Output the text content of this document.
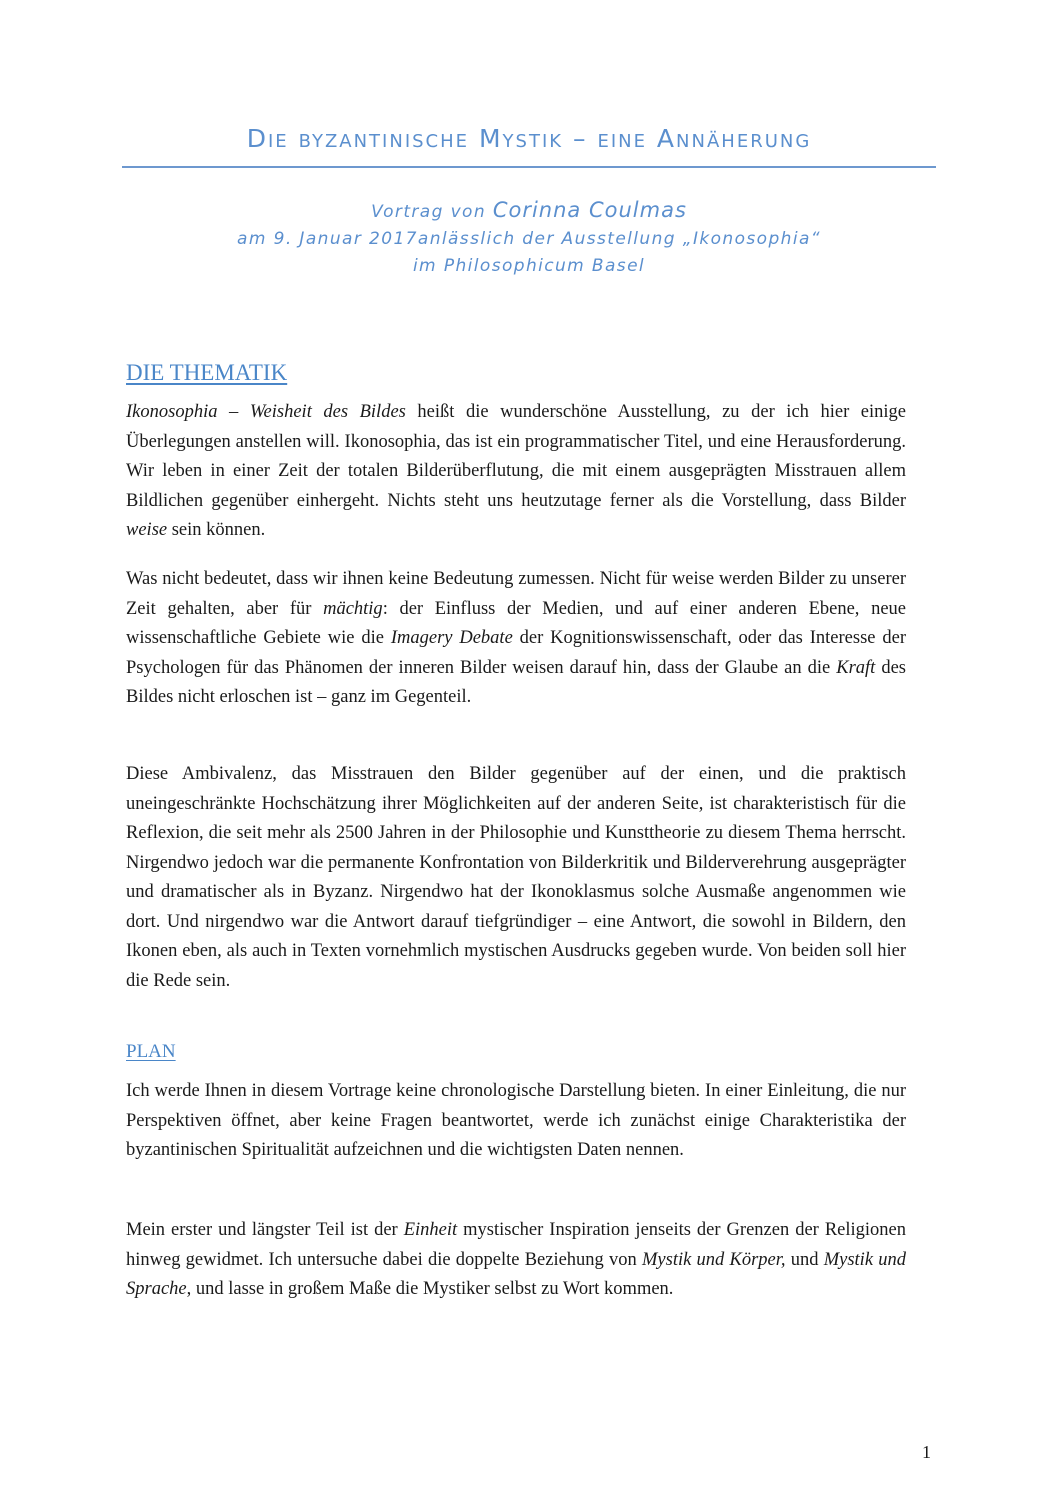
Die byzantinische Mystik – eine Annäherung
Vortrag von Corinna Coulmas
am 9. Januar 2017anlässlich der Ausstellung „Ikonosophia“
im Philosophicum Basel
DIE THEMATIK
Ikonosophia – Weisheit des Bildes heißt die wunderschöne Ausstellung, zu der ich hier einige Überlegungen anstellen will. Ikonosophia, das ist ein programmatischer Titel, und eine Herausforderung. Wir leben in einer Zeit der totalen Bilderüberflutung, die mit einem ausgeprägten Misstrauen allem Bildlichen gegenüber einhergeht. Nichts steht uns heutzutage ferner als die Vorstellung, dass Bilder weise sein können.
Was nicht bedeutet, dass wir ihnen keine Bedeutung zumessen. Nicht für weise werden Bilder zu unserer Zeit gehalten, aber für mächtig: der Einfluss der Medien, und auf einer anderen Ebene, neue wissenschaftliche Gebiete wie die Imagery Debate der Kognitionswissenschaft, oder das Interesse der Psychologen für das Phänomen der inneren Bilder weisen darauf hin, dass der Glaube an die Kraft des Bildes nicht erloschen ist – ganz im Gegenteil.
Diese Ambivalenz, das Misstrauen den Bilder gegenüber auf der einen, und die praktisch uneingeschränkte Hochschätzung ihrer Möglichkeiten auf der anderen Seite, ist charakteristisch für die Reflexion, die seit mehr als 2500 Jahren in der Philosophie und Kunsttheorie zu diesem Thema herrscht. Nirgendwo jedoch war die permanente Konfrontation von Bilderkritik und Bilderverehrung ausgeprägter und dramatischer als in Byzanz. Nirgendwo hat der Ikonoklasmus solche Ausmaße angenommen wie dort. Und nirgendwo war die Antwort darauf tiefgründiger – eine Antwort, die sowohl in Bildern, den Ikonen eben, als auch in Texten vornehmlich mystischen Ausdrucks gegeben wurde. Von beiden soll hier die Rede sein.
PLAN
Ich werde Ihnen in diesem Vortrage keine chronologische Darstellung bieten. In einer Einleitung, die nur Perspektiven öffnet, aber keine Fragen beantwortet, werde ich zunächst einige Charakteristika der byzantinischen Spiritualität aufzeichnen und die wichtigsten Daten nennen.
Mein erster und längster Teil ist der Einheit mystischer Inspiration jenseits der Grenzen der Religionen hinweg gewidmet. Ich untersuche dabei die doppelte Beziehung von Mystik und Körper, und Mystik und Sprache, und lasse in großem Maße die Mystiker selbst zu Wort kommen.
1
